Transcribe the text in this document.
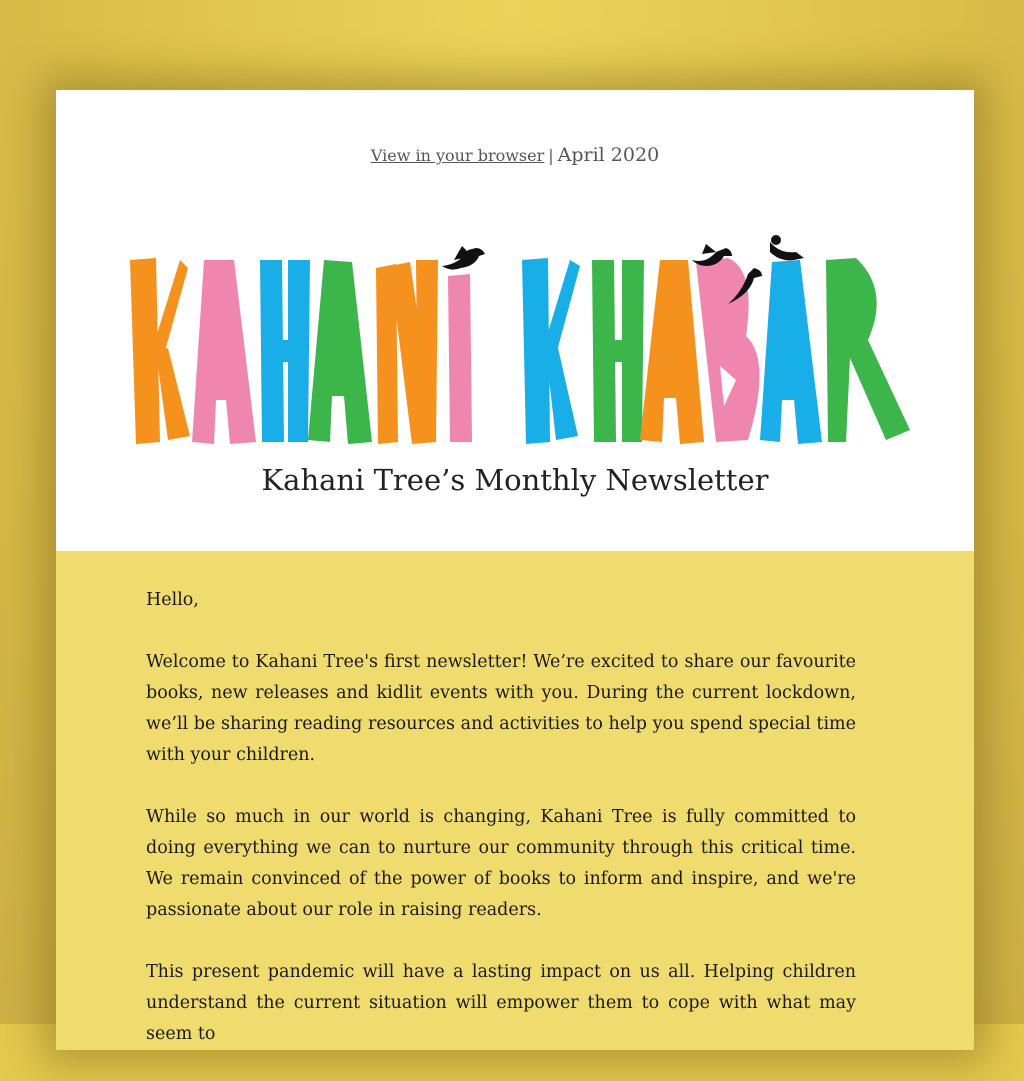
View in your browser | April 2020
Kahani Tree’s Monthly Newsletter

Hello,

Welcome to Kahani Tree's first newsletter! We’re excited to share our favourite books, new releases and kidlit events with you. During the current lockdown, we’ll be sharing reading resources and activities to help you spend special time with your children.

While so much in our world is changing, Kahani Tree is fully committed to doing everything we can to nurture our community through this critical time. We remain convinced of the power of books to inform and inspire, and we're passionate about our role in raising readers.

This present pandemic will have a lasting impact on us all. Helping children understand the current situation will empower them to cope with what may seem to
